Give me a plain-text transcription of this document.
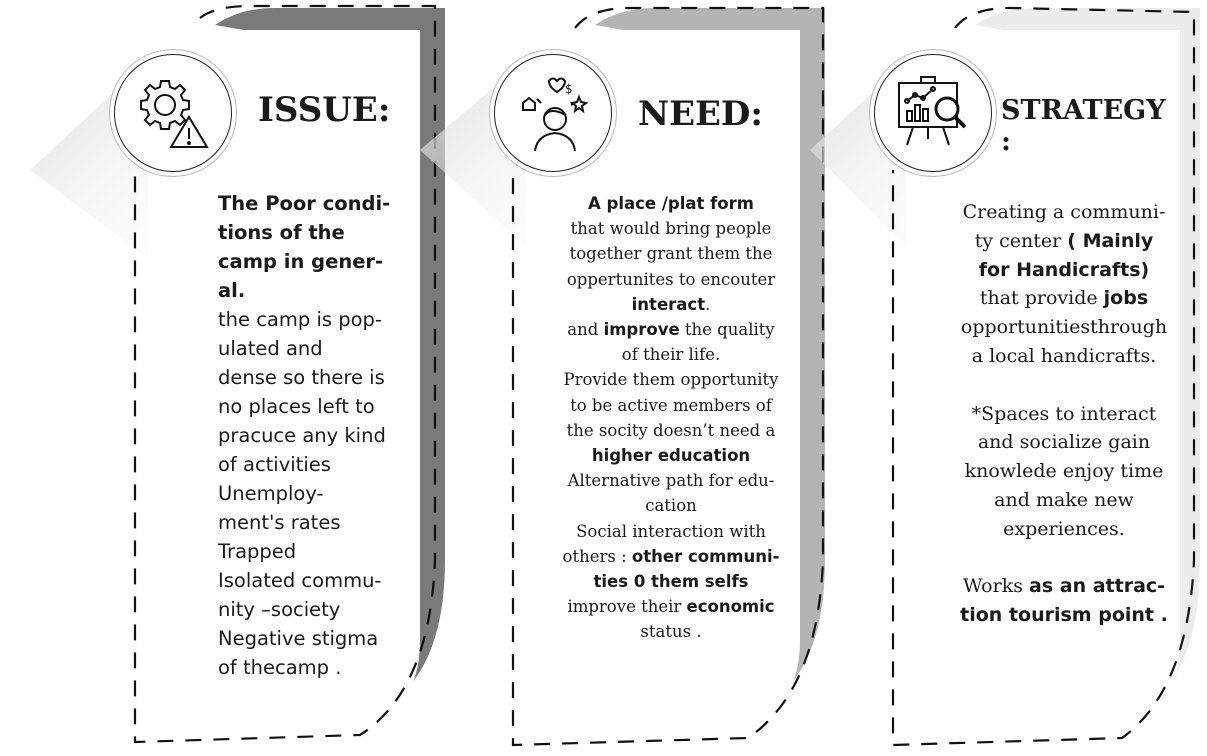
ISSUE:
The Poor condi-
tions of the
camp in gener-
al.
the camp is pop-
ulated and
dense so there is
no places left to
pracuce any kind
of activities
Unemploy-
ment's rates
Trapped
Isolated commu-
nity –society
Negative stigma
of thecamp .
$
NEED:
A place /plat form
that would bring people
together grant them the
oppertunites to encouter
interact.
and improve the quality
of their life.
Provide them opportunity
to be active members of
the socity doesn’t need a
higher education
Alternative path for edu-
cation
Social interaction with
others : other communi-
ties 0 them selfs
improve their economic
status .
STRATEGY :
Creating a communi-
ty center ( Mainly
for Handicrafts)
that provide jobs
opportunitiesthrough
a local handicrafts.

*Spaces to interact
and socialize gain
knowlede enjoy time
and make new
experiences.

Works as an attrac-
tion tourism point .
